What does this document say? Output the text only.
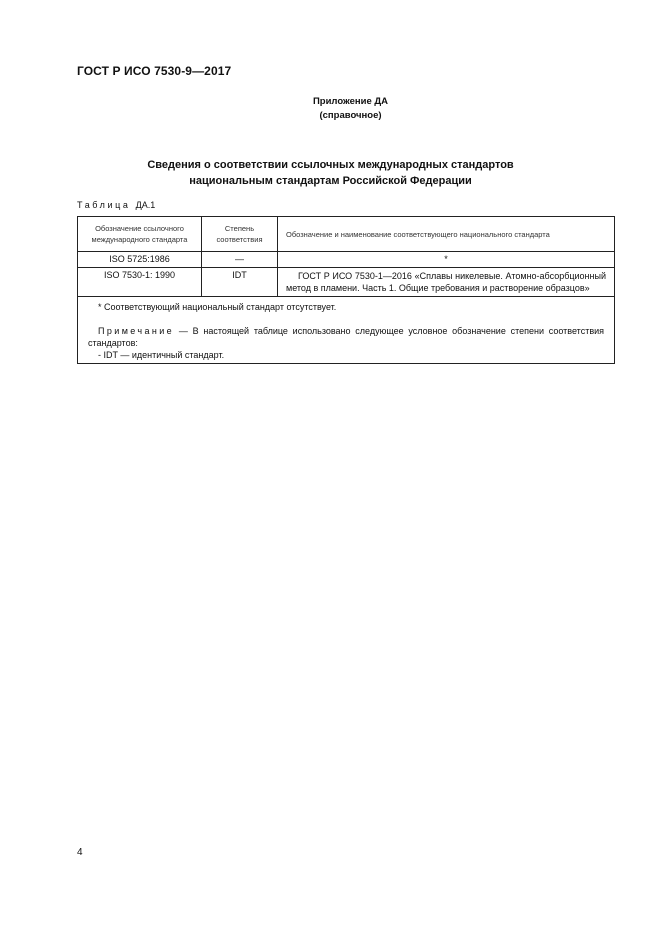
ГОСТ Р ИСО 7530-9—2017
Приложение ДА
(справочное)
Сведения о соответствии ссылочных международных стандартов
национальным стандартам Российской Федерации
Таблица ДА.1
Обозначение ссылочного международного стандарта	Степень соответствия	Обозначение и наименование соответствующего национального стандарта
ISO 5725:1986	—	*
ISO 7530-1: 1990	IDT	ГОСТ Р ИСО 7530-1—2016 «Сплавы никелевые. Атомно-абсорбционный метод в пламени. Часть 1. Общие требования и растворение образцов»

* Соответствующий национальный стандарт отсутствует.
Примечание — В настоящей таблице использовано следующее условное обозначение степени соответствия стандартов:
- IDT — идентичный стандарт.		
4
